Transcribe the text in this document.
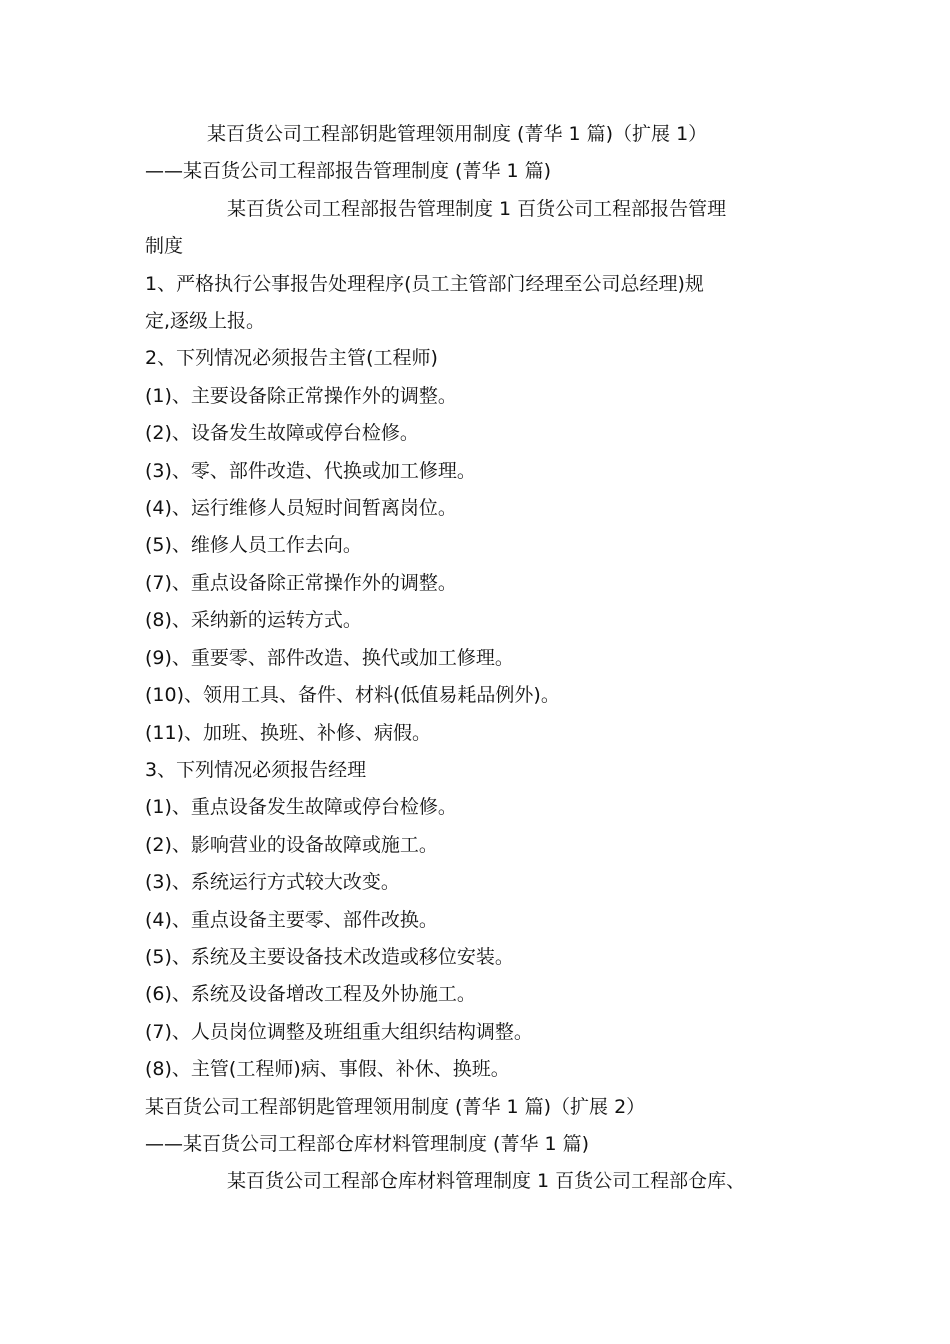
某百货公司工程部钥匙管理领用制度 (菁华 1 篇)（扩展 1）
——某百货公司工程部报告管理制度 (菁华 1 篇)
某百货公司工程部报告管理制度 1 百货公司工程部报告管理
制度
1、严格执行公事报告处理程序(员工主管部门经理至公司总经理)规
定,逐级上报。
2、下列情况必须报告主管(工程师)
(1)、主要设备除正常操作外的调整。
(2)、设备发生故障或停台检修。
(3)、零、部件改造、代换或加工修理。
(4)、运行维修人员短时间暂离岗位。
(5)、维修人员工作去向。
(7)、重点设备除正常操作外的调整。
(8)、采纳新的运转方式。
(9)、重要零、部件改造、换代或加工修理。
(10)、领用工具、备件、材料(低值易耗品例外)。
(11)、加班、换班、补修、病假。
3、下列情况必须报告经理
(1)、重点设备发生故障或停台检修。
(2)、影响营业的设备故障或施工。
(3)、系统运行方式较大改变。
(4)、重点设备主要零、部件改换。
(5)、系统及主要设备技术改造或移位安装。
(6)、系统及设备增改工程及外协施工。
(7)、人员岗位调整及班组重大组织结构调整。
(8)、主管(工程师)病、事假、补休、换班。
某百货公司工程部钥匙管理领用制度 (菁华 1 篇)（扩展 2）
——某百货公司工程部仓库材料管理制度 (菁华 1 篇)
某百货公司工程部仓库材料管理制度 1 百货公司工程部仓库、
